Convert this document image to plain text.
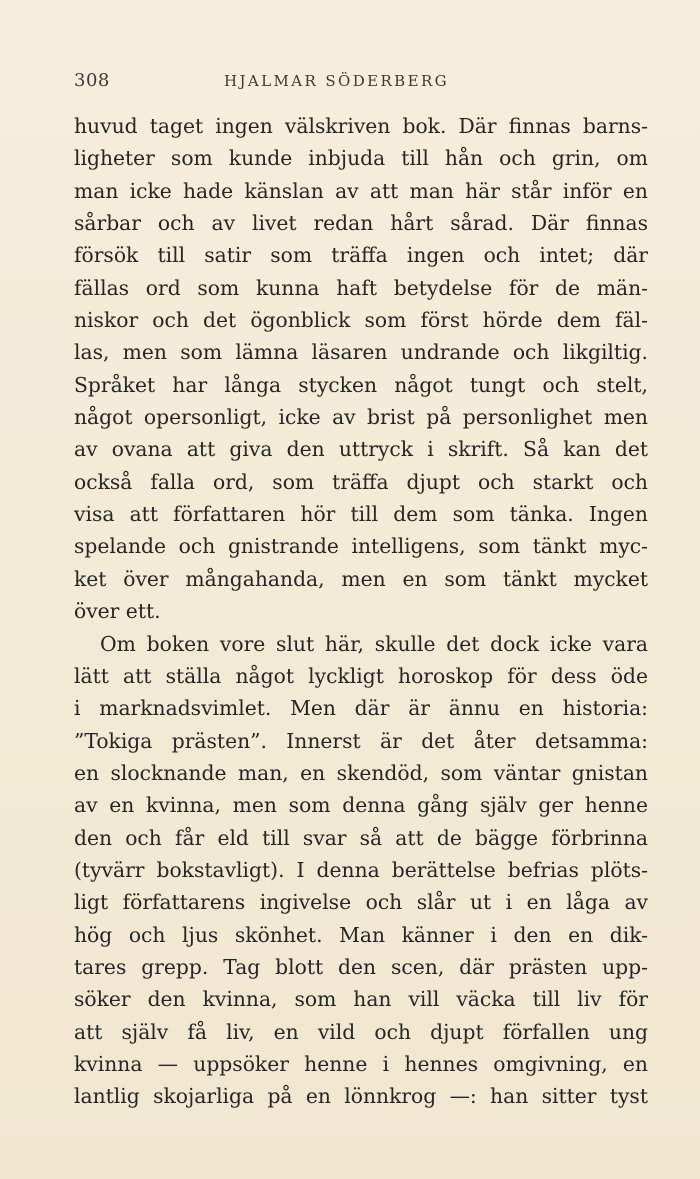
308	HJALMAR SÖDERBERG
huvud taget ingen välskriven bok. Där finnas barns-
ligheter som kunde inbjuda till hån och grin, om
man icke hade känslan av att man här står inför en
sårbar och av livet redan hårt sårad. Där finnas
försök till satir som träffa ingen och intet; där
fällas ord som kunna haft betydelse för de män-
niskor och det ögonblick som först hörde dem fäl-
las, men som lämna läsaren undrande och likgiltig.
Språket har långa stycken något tungt och stelt,
något opersonligt, icke av brist på personlighet men
av ovana att giva den uttryck i skrift. Så kan det
också falla ord, som träffa djupt och starkt och
visa att författaren hör till dem som tänka. Ingen
spelande och gnistrande intelligens, som tänkt myc-
ket över mångahanda, men en som tänkt mycket
över ett.
Om boken vore slut här, skulle det dock icke vara
lätt att ställa något lyckligt horoskop för dess öde
i marknadsvimlet. Men där är ännu en historia:
”Tokiga prästen”. Innerst är det åter detsamma:
en slocknande man, en skendöd, som väntar gnistan
av en kvinna, men som denna gång själv ger henne
den och får eld till svar så att de bägge förbrinna
(tyvärr bokstavligt). I denna berättelse befrias plöts-
ligt författarens ingivelse och slår ut i en låga av
hög och ljus skönhet. Man känner i den en dik-
tares grepp. Tag blott den scen, där prästen upp-
söker den kvinna, som han vill väcka till liv för
att själv få liv, en vild och djupt förfallen ung
kvinna — uppsöker henne i hennes omgivning, en
lantlig skojarliga på en lönnkrog —: han sitter tyst
